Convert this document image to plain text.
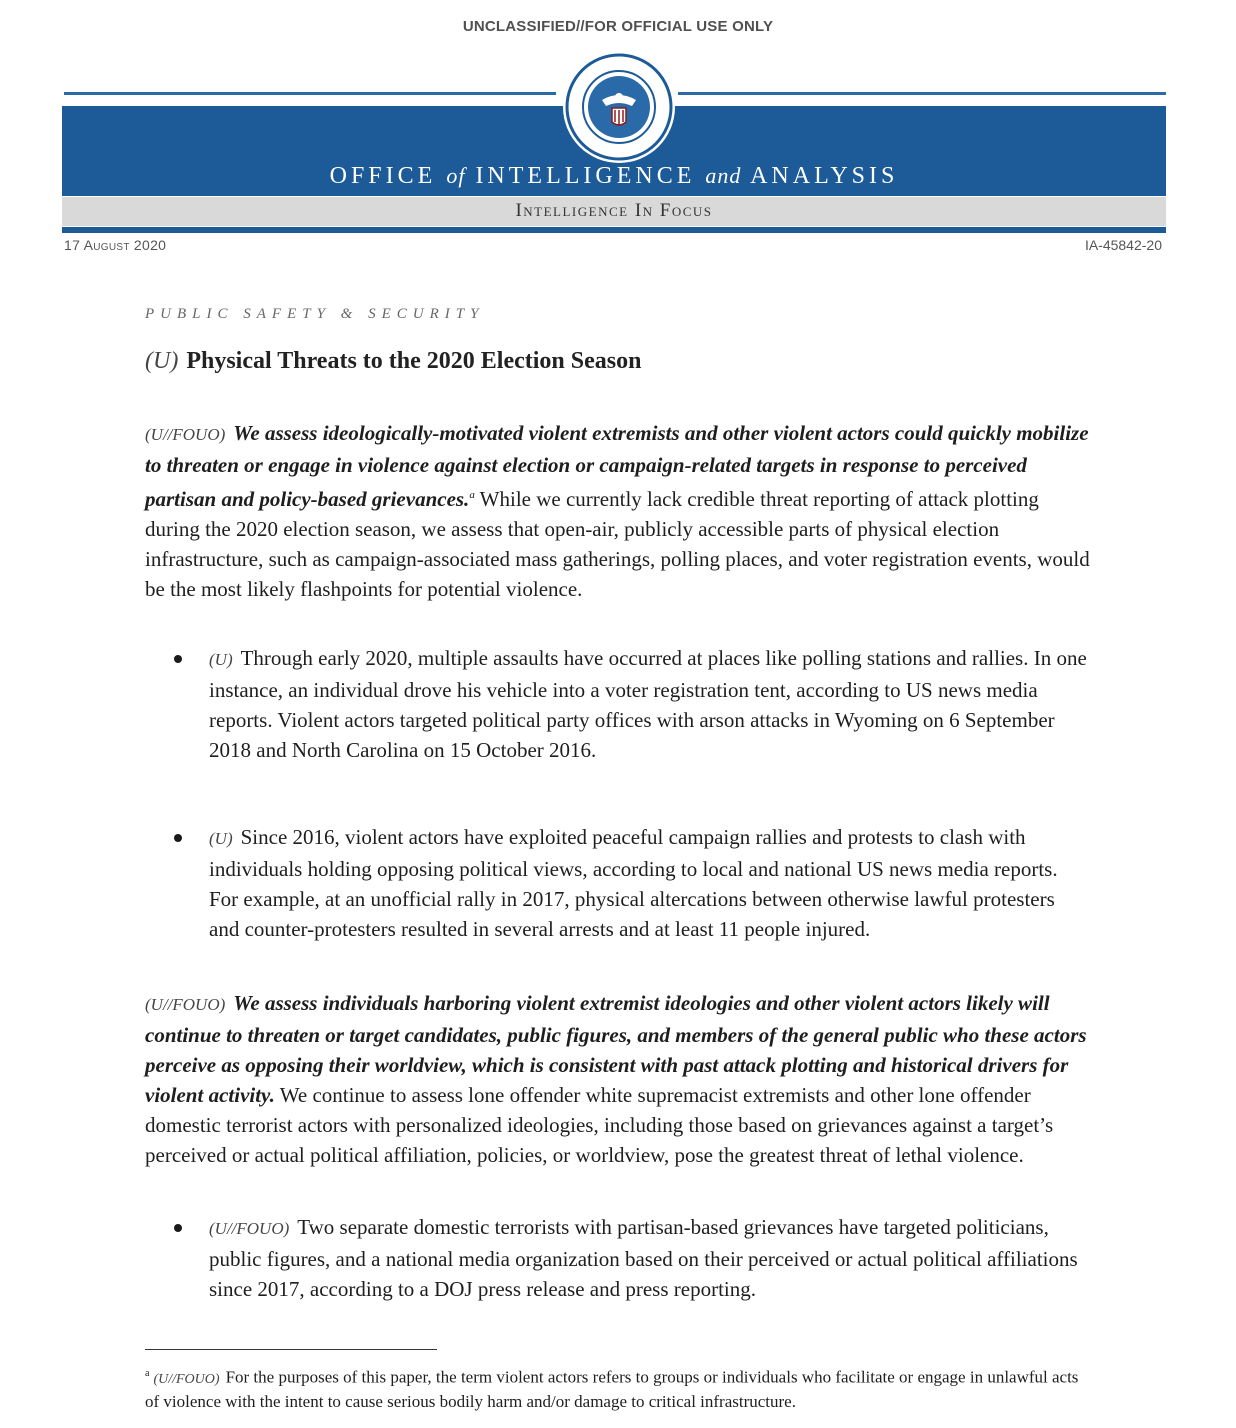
UNCLASSIFIED//FOR OFFICIAL USE ONLY
OFFICE of INTELLIGENCE and ANALYSIS
Intelligence In Focus
17 August 2020	IA-45842-20
PUBLIC SAFETY & SECURITY
(U) Physical Threats to the 2020 Election Season
(U//FOUO) We assess ideologically-motivated violent extremists and other violent actors could quickly mobilize to threaten or engage in violence against election or campaign-related targets in response to perceived partisan and policy-based grievances.$^a$ While we currently lack credible threat reporting of attack plotting during the 2020 election season, we assess that open-air, publicly accessible parts of physical election infrastructure, such as campaign-associated mass gatherings, polling places, and voter registration events, would be the most likely flashpoints for potential violence.
(U) Through early 2020, multiple assaults have occurred at places like polling stations and rallies. In one instance, an individual drove his vehicle into a voter registration tent, according to US news media reports. Violent actors targeted political party offices with arson attacks in Wyoming on 6 September 2018 and North Carolina on 15 October 2016.
(U) Since 2016, violent actors have exploited peaceful campaign rallies and protests to clash with individuals holding opposing political views, according to local and national US news media reports. For example, at an unofficial rally in 2017, physical altercations between otherwise lawful protesters and counter-protesters resulted in several arrests and at least 11 people injured.
(U//FOUO) We assess individuals harboring violent extremist ideologies and other violent actors likely will continue to threaten or target candidates, public figures, and members of the general public who these actors perceive as opposing their worldview, which is consistent with past attack plotting and historical drivers for violent activity. We continue to assess lone offender white supremacist extremists and other lone offender domestic terrorist actors with personalized ideologies, including those based on grievances against a target’s perceived or actual political affiliation, policies, or worldview, pose the greatest threat of lethal violence.
(U//FOUO) Two separate domestic terrorists with partisan-based grievances have targeted politicians, public figures, and a national media organization based on their perceived or actual political affiliations since 2017, according to a DOJ press release and press reporting.
$^a$ (U//FOUO) For the purposes of this paper, the term violent actors refers to groups or individuals who facilitate or engage in unlawful acts of violence with the intent to cause serious bodily harm and/or damage to critical infrastructure.
